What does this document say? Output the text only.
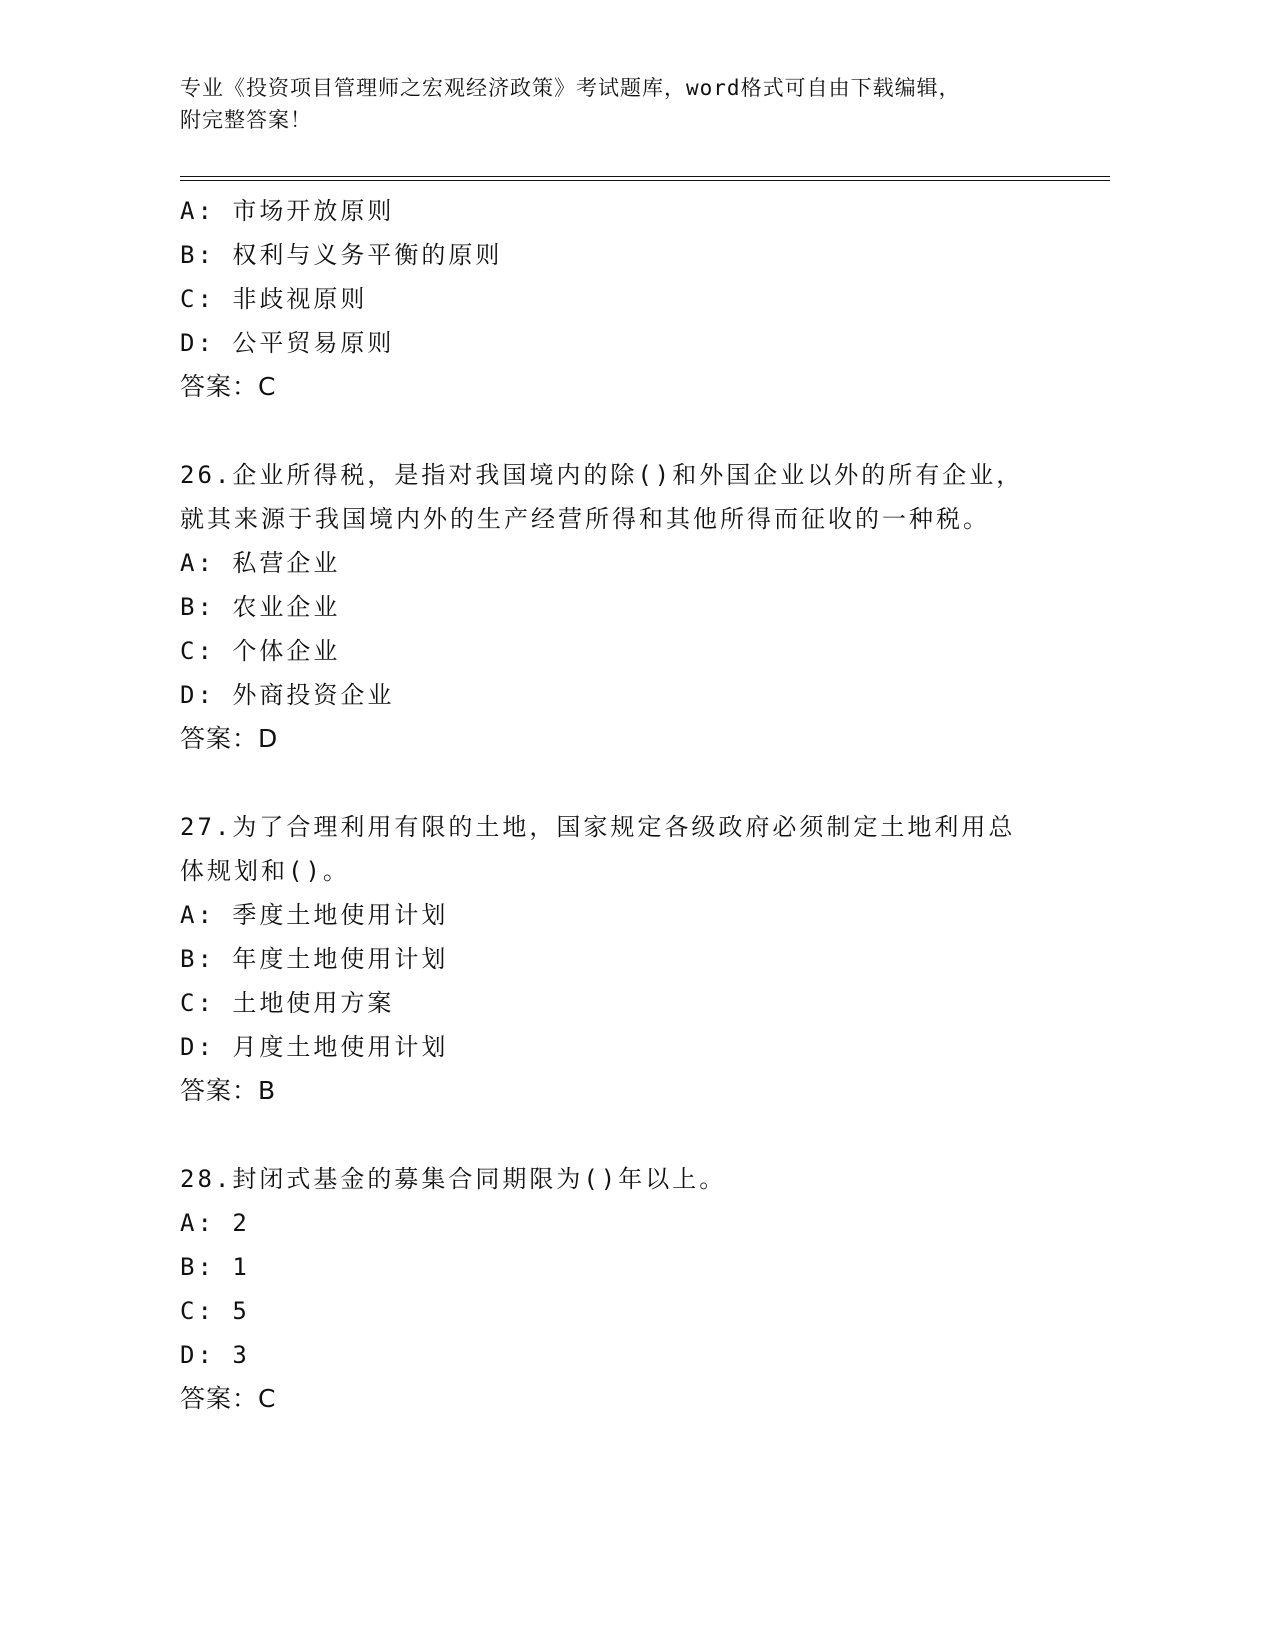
专业《投资项目管理师之宏观经济政策》考试题库，word格式可自由下载编辑，

附完整答案！

A: 市场开放原则

B: 权利与义务平衡的原则

C: 非歧视原则

D: 公平贸易原则

答案：C

26.企业所得税，是指对我国境内的除()和外国企业以外的所有企业，

就其来源于我国境内外的生产经营所得和其他所得而征收的一种税。

A: 私营企业

B: 农业企业

C: 个体企业

D: 外商投资企业

答案：D

27.为了合理利用有限的土地，国家规定各级政府必须制定土地利用总

体规划和()。

A: 季度土地使用计划

B: 年度土地使用计划

C: 土地使用方案

D: 月度土地使用计划

答案：B

28.封闭式基金的募集合同期限为()年以上。

A: 2

B: 1

C: 5

D: 3

答案：C
